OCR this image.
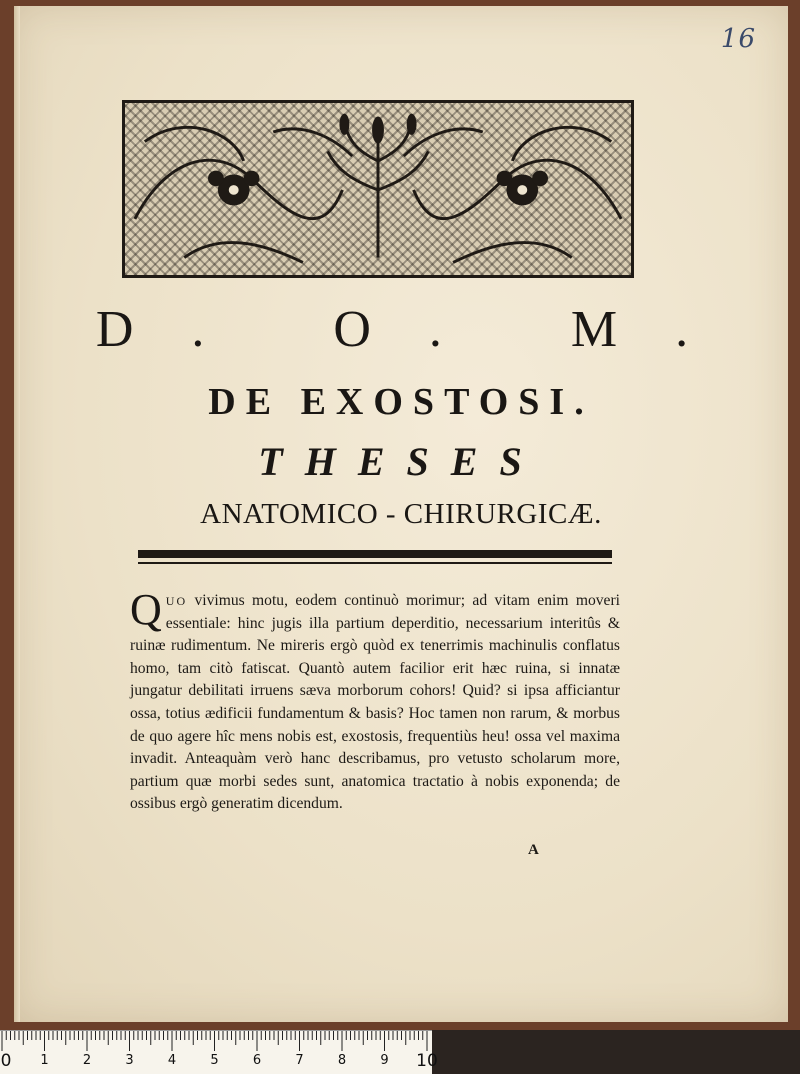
16
D. O. M.
DE EXOSTOSI.
THESES
ANATOMICO - CHIRURGICÆ.
QUO vivimus motu, eodem continuò morimur; ad vitam enim moveri essentiale: hinc jugis illa partium deperditio, necessarium interitûs & ruinæ rudimentum. Ne mireris ergò quòd ex tenerrimis machinulis conflatus homo, tam citò fatiscat. Quantò autem facilior erit hæc ruina, si innatæ jungatur debilitati irruens sæva morborum cohors! Quid? si ipsa afficiantur ossa, totius ædificii fundamentum & basis? Hoc tamen non rarum, & morbus de quo agere hîc mens nobis est, exostosis, frequentiùs heu! ossa vel maxima invadit. Anteaquàm verò hanc describamus, pro vetusto scholarum more, partium quæ morbi sedes sunt, anatomica tractatio à nobis exponenda; de ossibus ergò generatim dicendum.
A
0 1	2	3	4	5	6	7	8	9 10
